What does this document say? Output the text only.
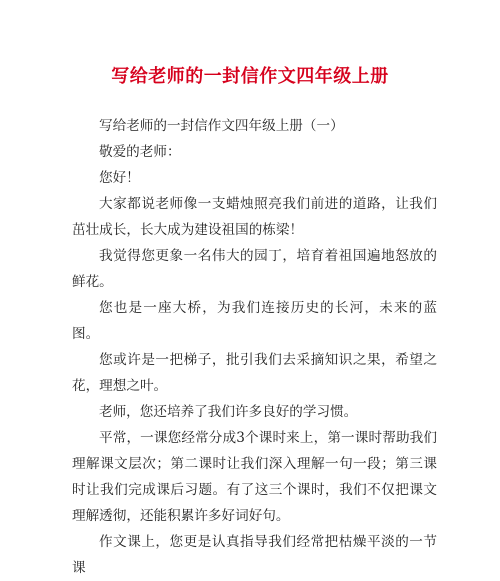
写给老师的一封信作文四年级上册

写给老师的一封信作文四年级上册（一）

敬爱的老师：

您好！

大家都说老师像一支蜡烛照亮我们前进的道路，让我们茁壮成长，长大成为建设祖国的栋梁！

我觉得您更象一名伟大的园丁，培育着祖国遍地怒放的鲜花。

您也是一座大桥，为我们连接历史的长河，未来的蓝图。

您或许是一把梯子，批引我们去采摘知识之果，希望之花，理想之叶。

老师，您还培养了我们许多良好的学习惯。

平常，一课您经常分成3个课时来上，第一课时帮助我们理解课文层次；第二课时让我们深入理解一句一段；第三课时让我们完成课后习题。有了这三个课时，我们不仅把课文理解透彻，还能积累许多好词好句。

作文课上，您更是认真指导我们经常把枯燥平淡的一节课
